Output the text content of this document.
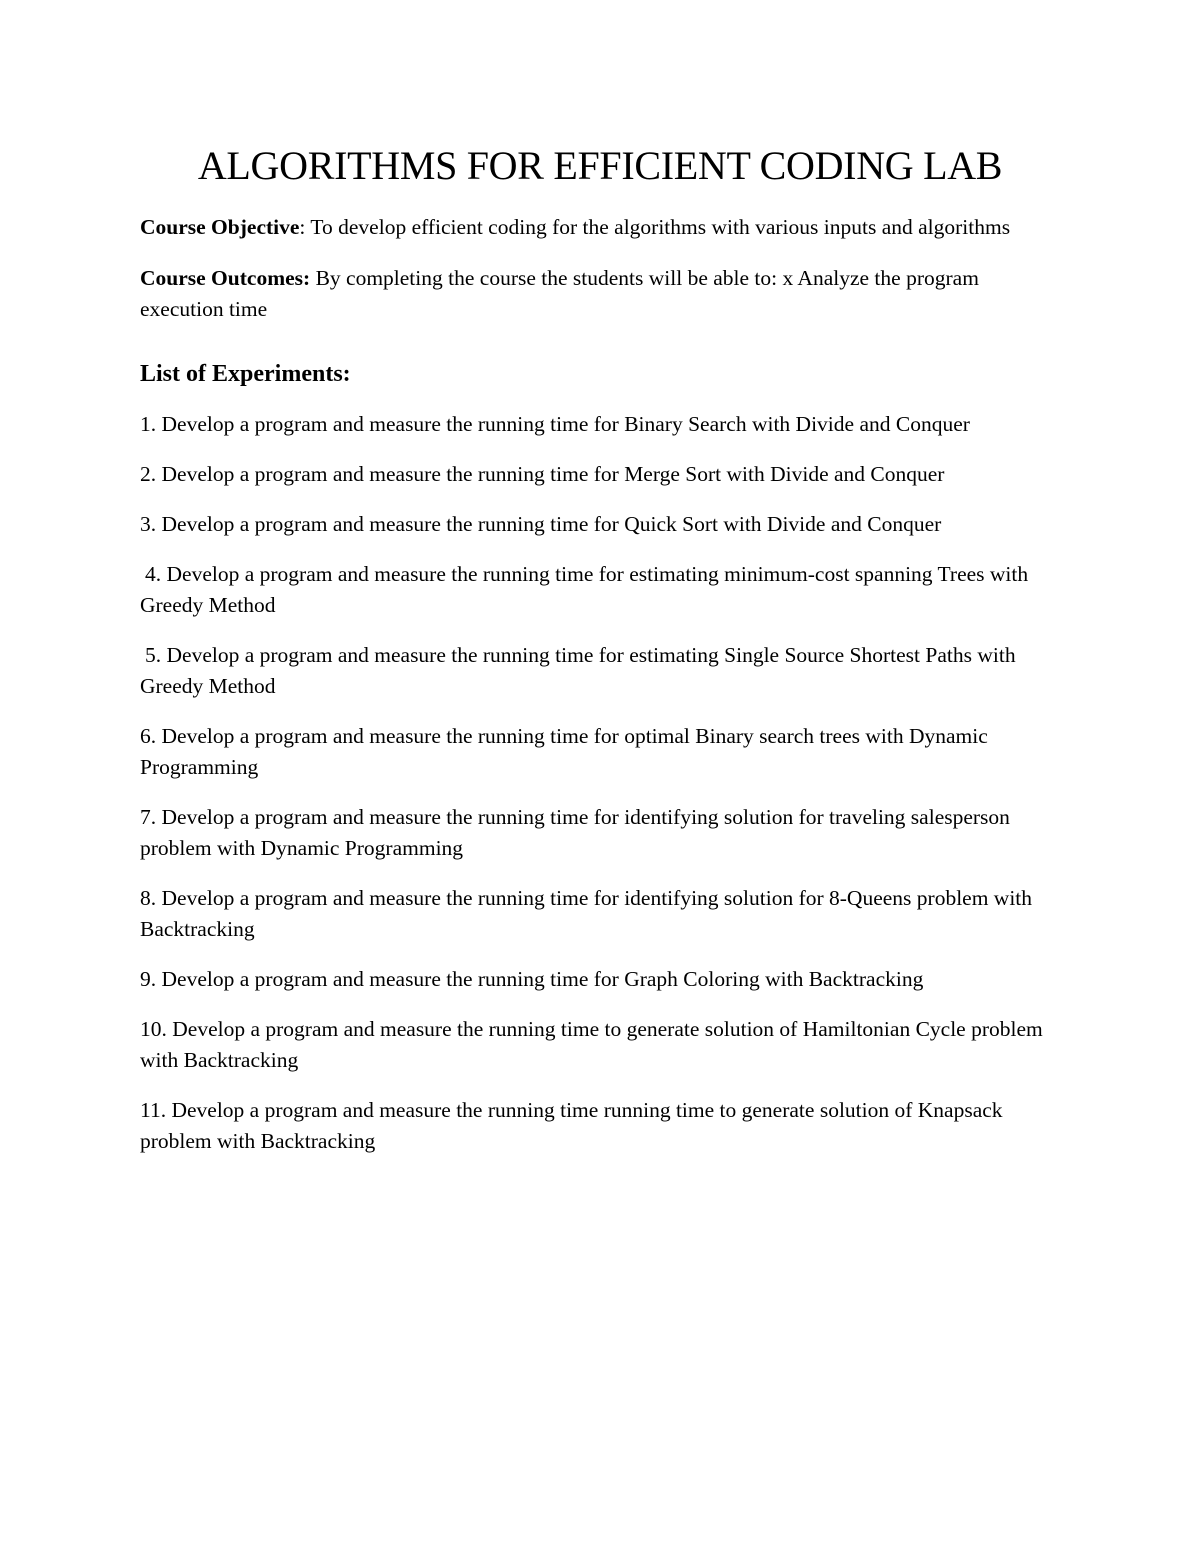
ALGORITHMS FOR EFFICIENT CODING LAB

Course Objective: To develop efficient coding for the algorithms with various inputs and algorithms

Course Outcomes: By completing the course the students will be able to: x Analyze the program execution time

List of Experiments:
1. Develop a program and measure the running time for Binary Search with Divide and Conquer
2. Develop a program and measure the running time for Merge Sort with Divide and Conquer
3. Develop a program and measure the running time for Quick Sort with Divide and Conquer
4. Develop a program and measure the running time for estimating minimum-cost spanning Trees with Greedy Method
5. Develop a program and measure the running time for estimating Single Source Shortest Paths with Greedy Method
6. Develop a program and measure the running time for optimal Binary search trees with Dynamic Programming
7. Develop a program and measure the running time for identifying solution for traveling salesperson problem with Dynamic Programming
8. Develop a program and measure the running time for identifying solution for 8-Queens problem with Backtracking
9. Develop a program and measure the running time for Graph Coloring with Backtracking
10. Develop a program and measure the running time to generate solution of Hamiltonian Cycle problem with Backtracking
11. Develop a program and measure the running time running time to generate solution of Knapsack problem with Backtracking
